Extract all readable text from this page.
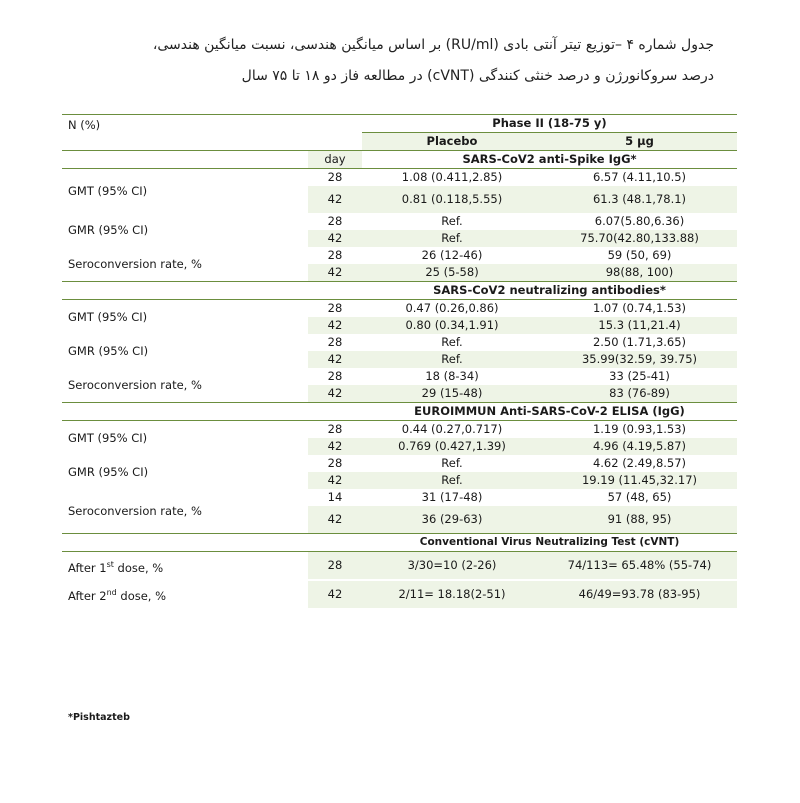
جدول شماره ۴ –توزیع تیتر آنتی بادی (RU/ml) بر اساس میانگین هندسی، نسبت میانگین هندسی،
درصد سروکانورژن و درصد خنثی کنندگی (cVNT) در مطالعه فاز دو ۱۸ تا ۷۵ سال
N (%)		Phase II (18-75 y)	
		Placebo	5 μg
	day	SARS-CoV2 anti-Spike IgG*	
GMT (95% CI)	28	1.08 (0.411,2.85)	6.57 (4.11,10.5)
	42	0.81 (0.118,5.55)	61.3 (48.1,78.1)
GMR (95% CI)	28	Ref.	6.07(5.80,6.36)
	42	Ref.	75.70(42.80,133.88)
Seroconversion rate, %	28	26 (12-46)	59 (50, 69)
	42	25 (5-58)	98(88, 100)
		SARS-CoV2 neutralizing antibodies*	
GMT (95% CI)	28	0.47 (0.26,0.86)	1.07 (0.74,1.53)
	42	0.80 (0.34,1.91)	15.3 (11,21.4)
GMR (95% CI)	28	Ref.	2.50 (1.71,3.65)
	42	Ref.	35.99(32.59, 39.75)
Seroconversion rate, %	28	18 (8-34)	33 (25-41)
	42	29 (15-48)	83 (76-89)
		EUROIMMUN Anti-SARS-CoV-2 ELISA (IgG)	
GMT (95% CI)	28	0.44 (0.27,0.717)	1.19 (0.93,1.53)
	42	0.769 (0.427,1.39)	4.96 (4.19,5.87)
GMR (95% CI)	28	Ref.	4.62 (2.49,8.57)
	42	Ref.	19.19 (11.45,32.17)
Seroconversion rate, %	14	31 (17-48)	57 (48, 65)
	42	36 (29-63)	91 (88, 95)
		Conventional Virus Neutralizing Test (cVNT)	
After 1st dose, %	28	3/30=10 (2-26)	74/113= 65.48% (55-74)
After 2nd dose, %	42	2/11= 18.18(2-51)	46/49=93.78 (83-95)
*Pishtazteb
